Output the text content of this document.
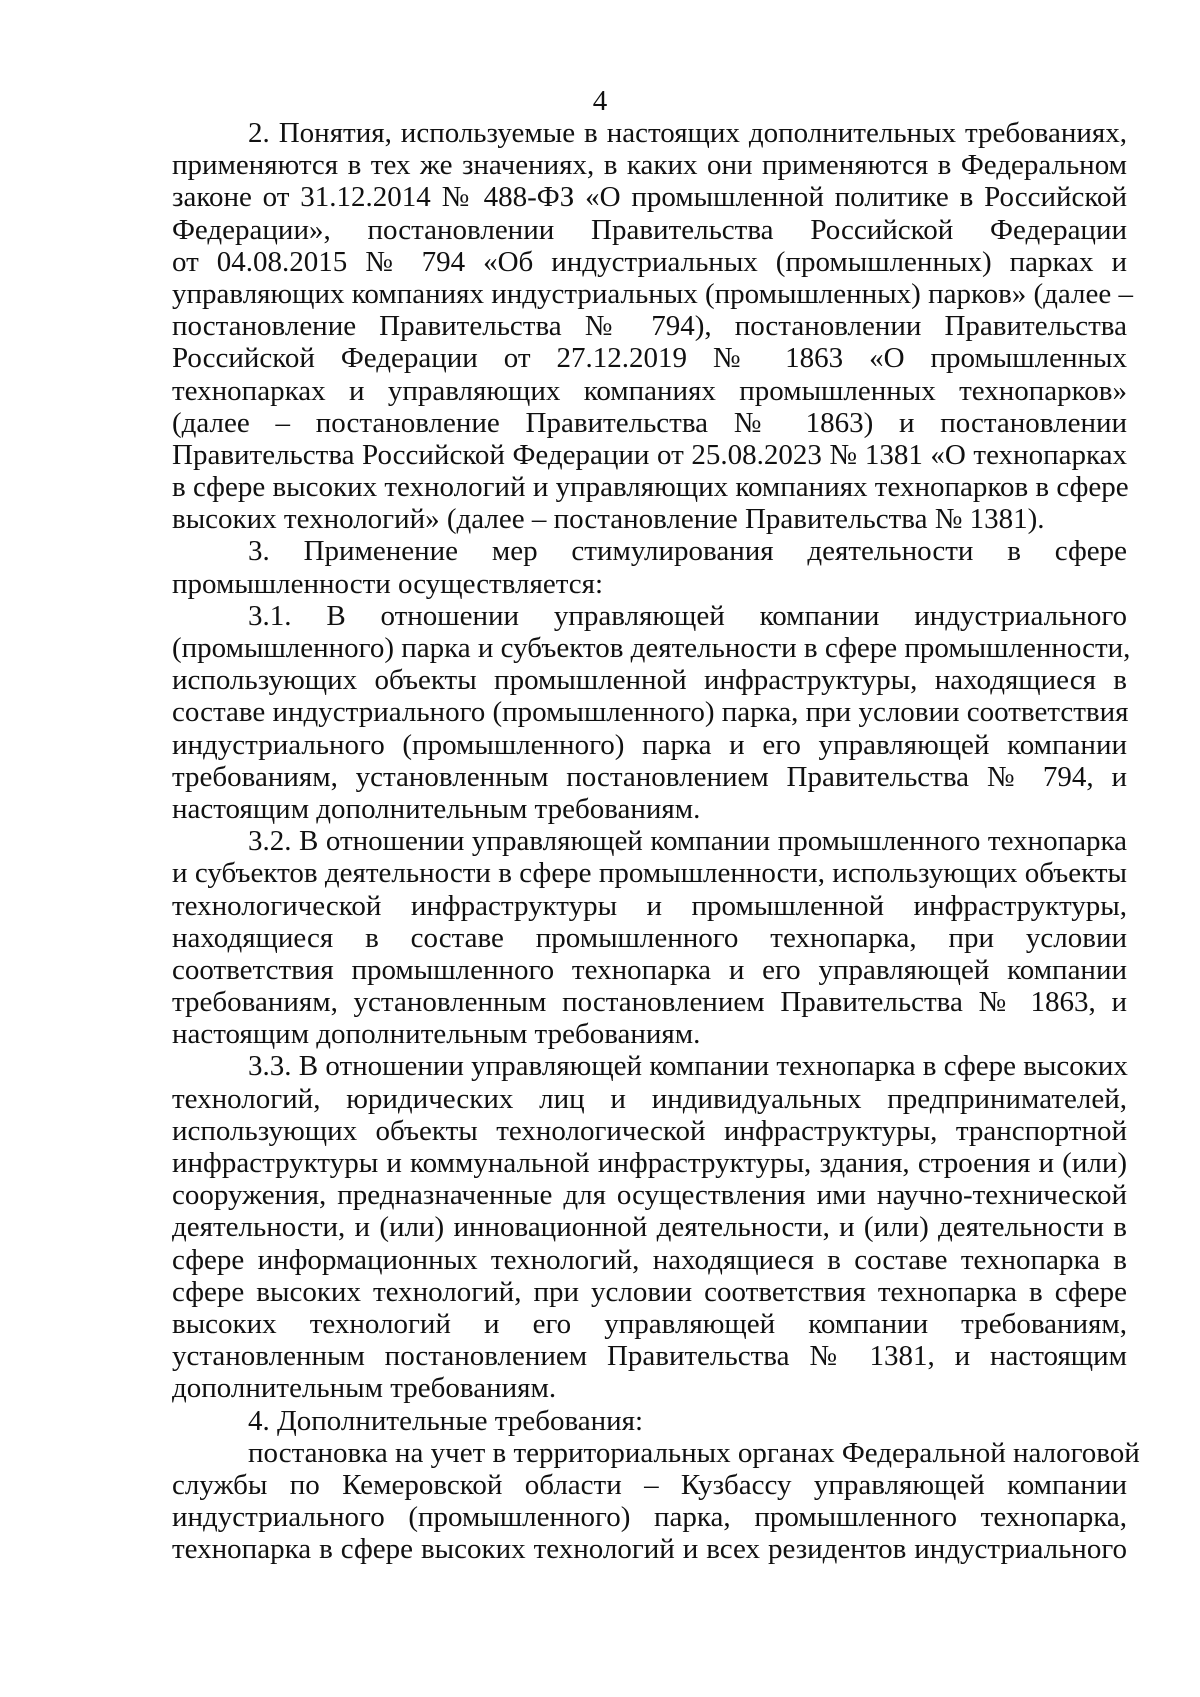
4
2. Понятия, используемые в настоящих дополнительных требованиях,
применяются в тех же значениях, в каких они применяются в Федеральном
законе от 31.12.2014 № 488-ФЗ «О промышленной политике в Российской
Федерации», постановлении Правительства Российской Федерации
от 04.08.2015 № 794 «Об индустриальных (промышленных) парках и
управляющих компаниях индустриальных (промышленных) парков» (далее –
постановление Правительства № 794), постановлении Правительства
Российской Федерации от 27.12.2019 № 1863 «О промышленных
технопарках и управляющих компаниях промышленных технопарков»
(далее – постановление Правительства № 1863) и постановлении
Правительства Российской Федерации от 25.08.2023 № 1381 «О технопарках
в сфере высоких технологий и управляющих компаниях технопарков в сфере
высоких технологий» (далее – постановление Правительства № 1381).
3. Применение мер стимулирования деятельности в сфере
промышленности осуществляется:
3.1. В отношении управляющей компании индустриального
(промышленного) парка и субъектов деятельности в сфере промышленности,
использующих объекты промышленной инфраструктуры, находящиеся в
составе индустриального (промышленного) парка, при условии соответствия
индустриального (промышленного) парка и его управляющей компании
требованиям, установленным постановлением Правительства № 794, и
настоящим дополнительным требованиям.
3.2. В отношении управляющей компании промышленного технопарка
и субъектов деятельности в сфере промышленности, использующих объекты
технологической инфраструктуры и промышленной инфраструктуры,
находящиеся в составе промышленного технопарка, при условии
соответствия промышленного технопарка и его управляющей компании
требованиям, установленным постановлением Правительства № 1863, и
настоящим дополнительным требованиям.
3.3. В отношении управляющей компании технопарка в сфере высоких
технологий, юридических лиц и индивидуальных предпринимателей,
использующих объекты технологической инфраструктуры, транспортной
инфраструктуры и коммунальной инфраструктуры, здания, строения и (или)
сооружения, предназначенные для осуществления ими научно-технической
деятельности, и (или) инновационной деятельности, и (или) деятельности в
сфере информационных технологий, находящиеся в составе технопарка в
сфере высоких технологий, при условии соответствия технопарка в сфере
высоких технологий и его управляющей компании требованиям,
установленным постановлением Правительства № 1381, и настоящим
дополнительным требованиям.
4. Дополнительные требования:
постановка на учет в территориальных органах Федеральной налоговой
службы по Кемеровской области – Кузбассу управляющей компании
индустриального (промышленного) парка, промышленного технопарка,
технопарка в сфере высоких технологий и всех резидентов индустриального
